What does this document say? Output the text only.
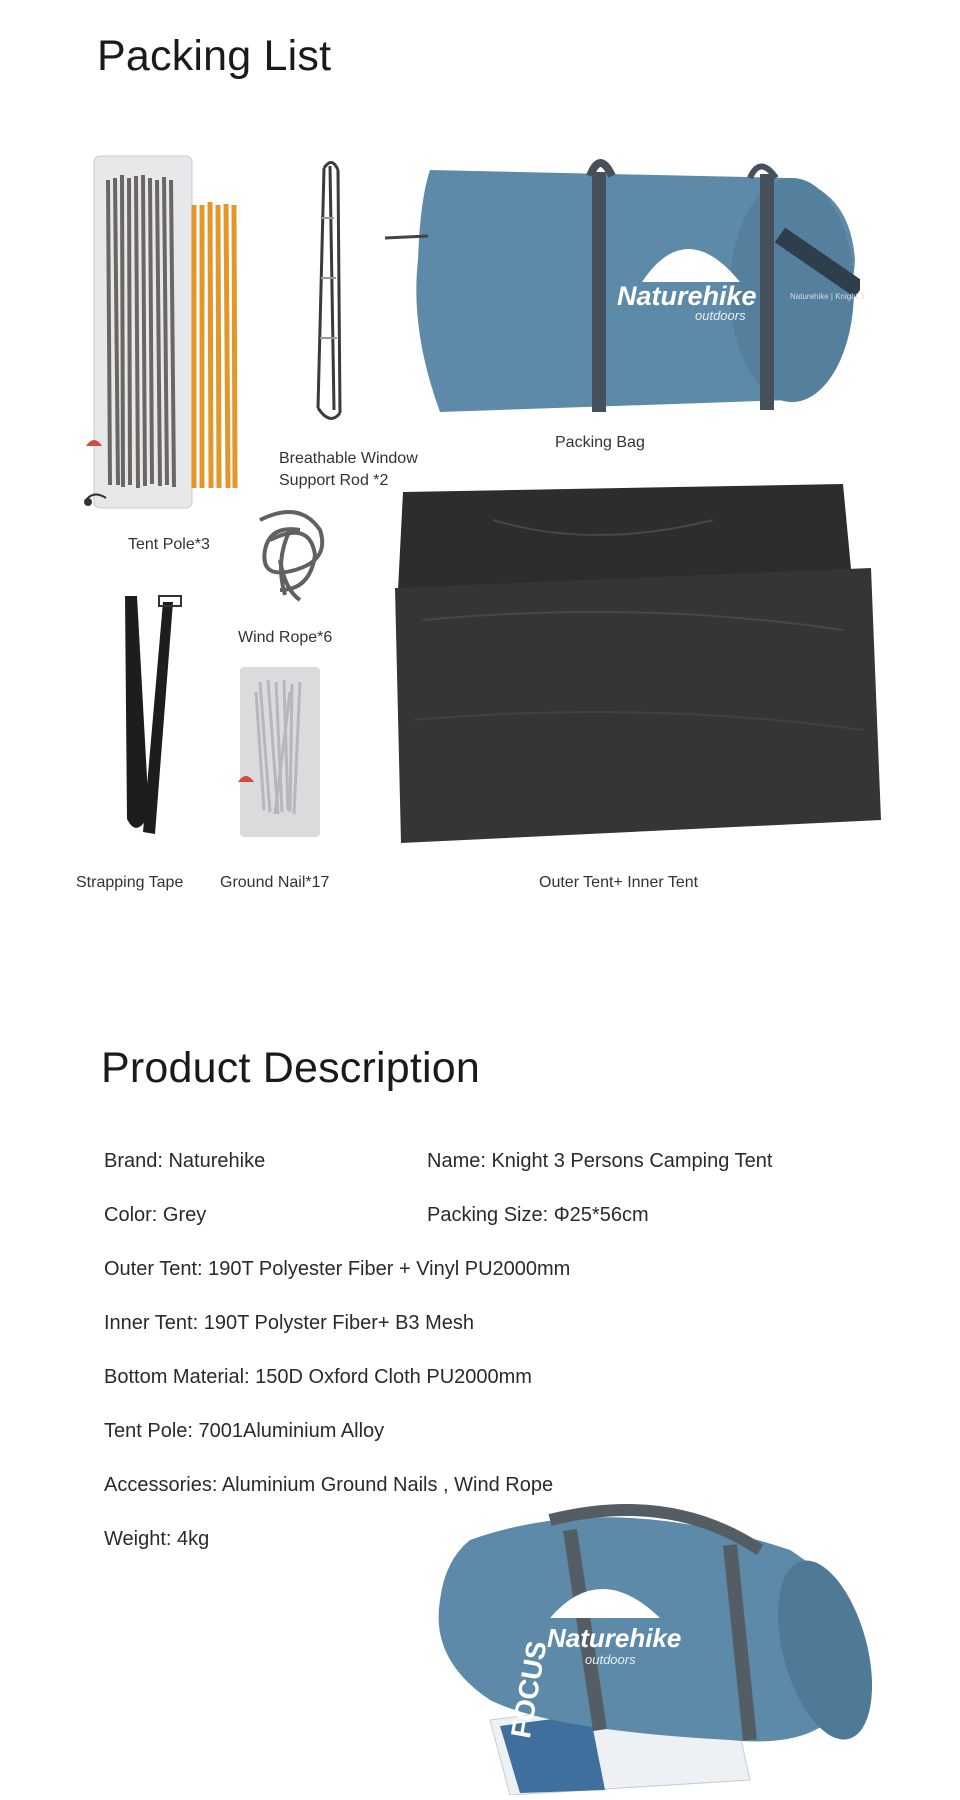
Packing List
Tent Pole*3
Breathable Window
Support Rod *2
Naturehike
outdoors
Naturehike | Knight 3
Packing Bag
Wind Rope*6
Outer Tent+ Inner Tent
Strapping Tape Ground Nail*17
Product Description
Brand: Naturehike	Name: Knight 3 Persons Camping Tent
Color: Grey	Packing Size: Φ25*56cm
Outer Tent: 190T Polyester Fiber + Vinyl PU2000mm
Inner Tent: 190T Polyster Fiber+ B3 Mesh
Bottom Material: 150D Oxford Cloth PU2000mm
Tent Pole: 7001Aluminium Alloy
Accessories: Aluminium Ground Nails , Wind Rope
Weight: 4kg
Naturehike
outdoors
FOCUS
